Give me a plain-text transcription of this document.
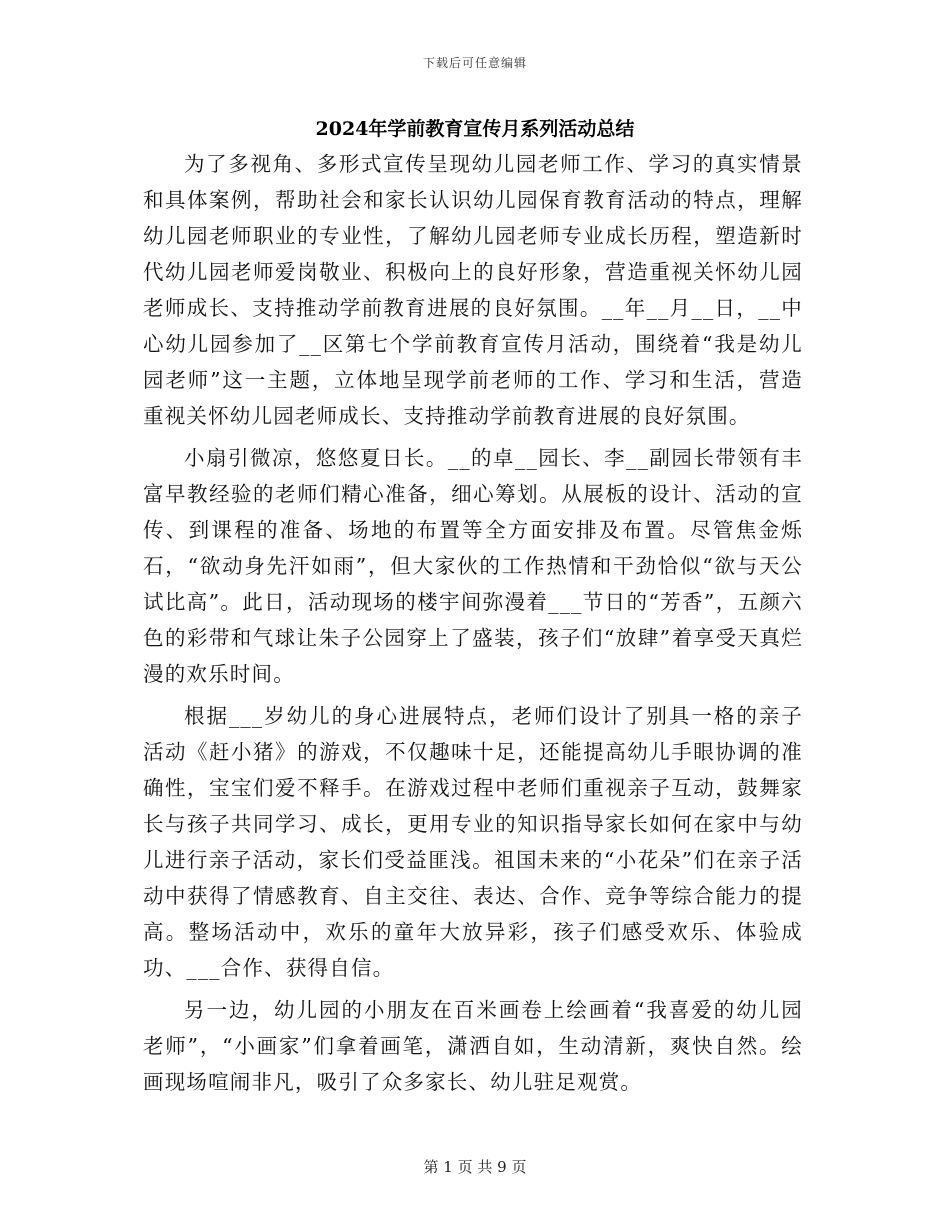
下载后可任意编辑
2024年学前教育宣传月系列活动总结

为了多视角、多形式宣传呈现幼儿园老师工作、学习的真实情景和具体案例，帮助社会和家长认识幼儿园保育教育活动的特点，理解幼儿园老师职业的专业性，了解幼儿园老师专业成长历程，塑造新时代幼儿园老师爱岗敬业、积极向上的良好形象，营造重视关怀幼儿园老师成长、支持推动学前教育进展的良好氛围。__年__月__日，__中心幼儿园参加了__区第七个学前教育宣传月活动，围绕着“我是幼儿园老师”这一主题，立体地呈现学前老师的工作、学习和生活，营造重视关怀幼儿园老师成长、支持推动学前教育进展的良好氛围。

小扇引微凉，悠悠夏日长。__的卓__园长、李__副园长带领有丰富早教经验的老师们精心准备，细心筹划。从展板的设计、活动的宣传、到课程的准备、场地的布置等全方面安排及布置。尽管焦金烁石，“欲动身先汗如雨”，但大家伙的工作热情和干劲恰似“欲与天公试比高”。此日，活动现场的楼宇间弥漫着___节日的“芳香”，五颜六色的彩带和气球让朱子公园穿上了盛装，孩子们“放肆”着享受天真烂漫的欢乐时间。

根据___岁幼儿的身心进展特点，老师们设计了别具一格的亲子活动《赶小猪》的游戏，不仅趣味十足，还能提高幼儿手眼协调的准确性，宝宝们爱不释手。在游戏过程中老师们重视亲子互动，鼓舞家长与孩子共同学习、成长，更用专业的知识指导家长如何在家中与幼儿进行亲子活动，家长们受益匪浅。祖国未来的“小花朵”们在亲子活动中获得了情感教育、自主交往、表达、合作、竞争等综合能力的提高。整场活动中，欢乐的童年大放异彩，孩子们感受欢乐、体验成功、___合作、获得自信。

另一边，幼儿园的小朋友在百米画卷上绘画着“我喜爱的幼儿园老师”，“小画家”们拿着画笔，潇洒自如，生动清新，爽快自然。绘画现场喧闹非凡，吸引了众多家长、幼儿驻足观赏。

第 1 页 共 9 页
